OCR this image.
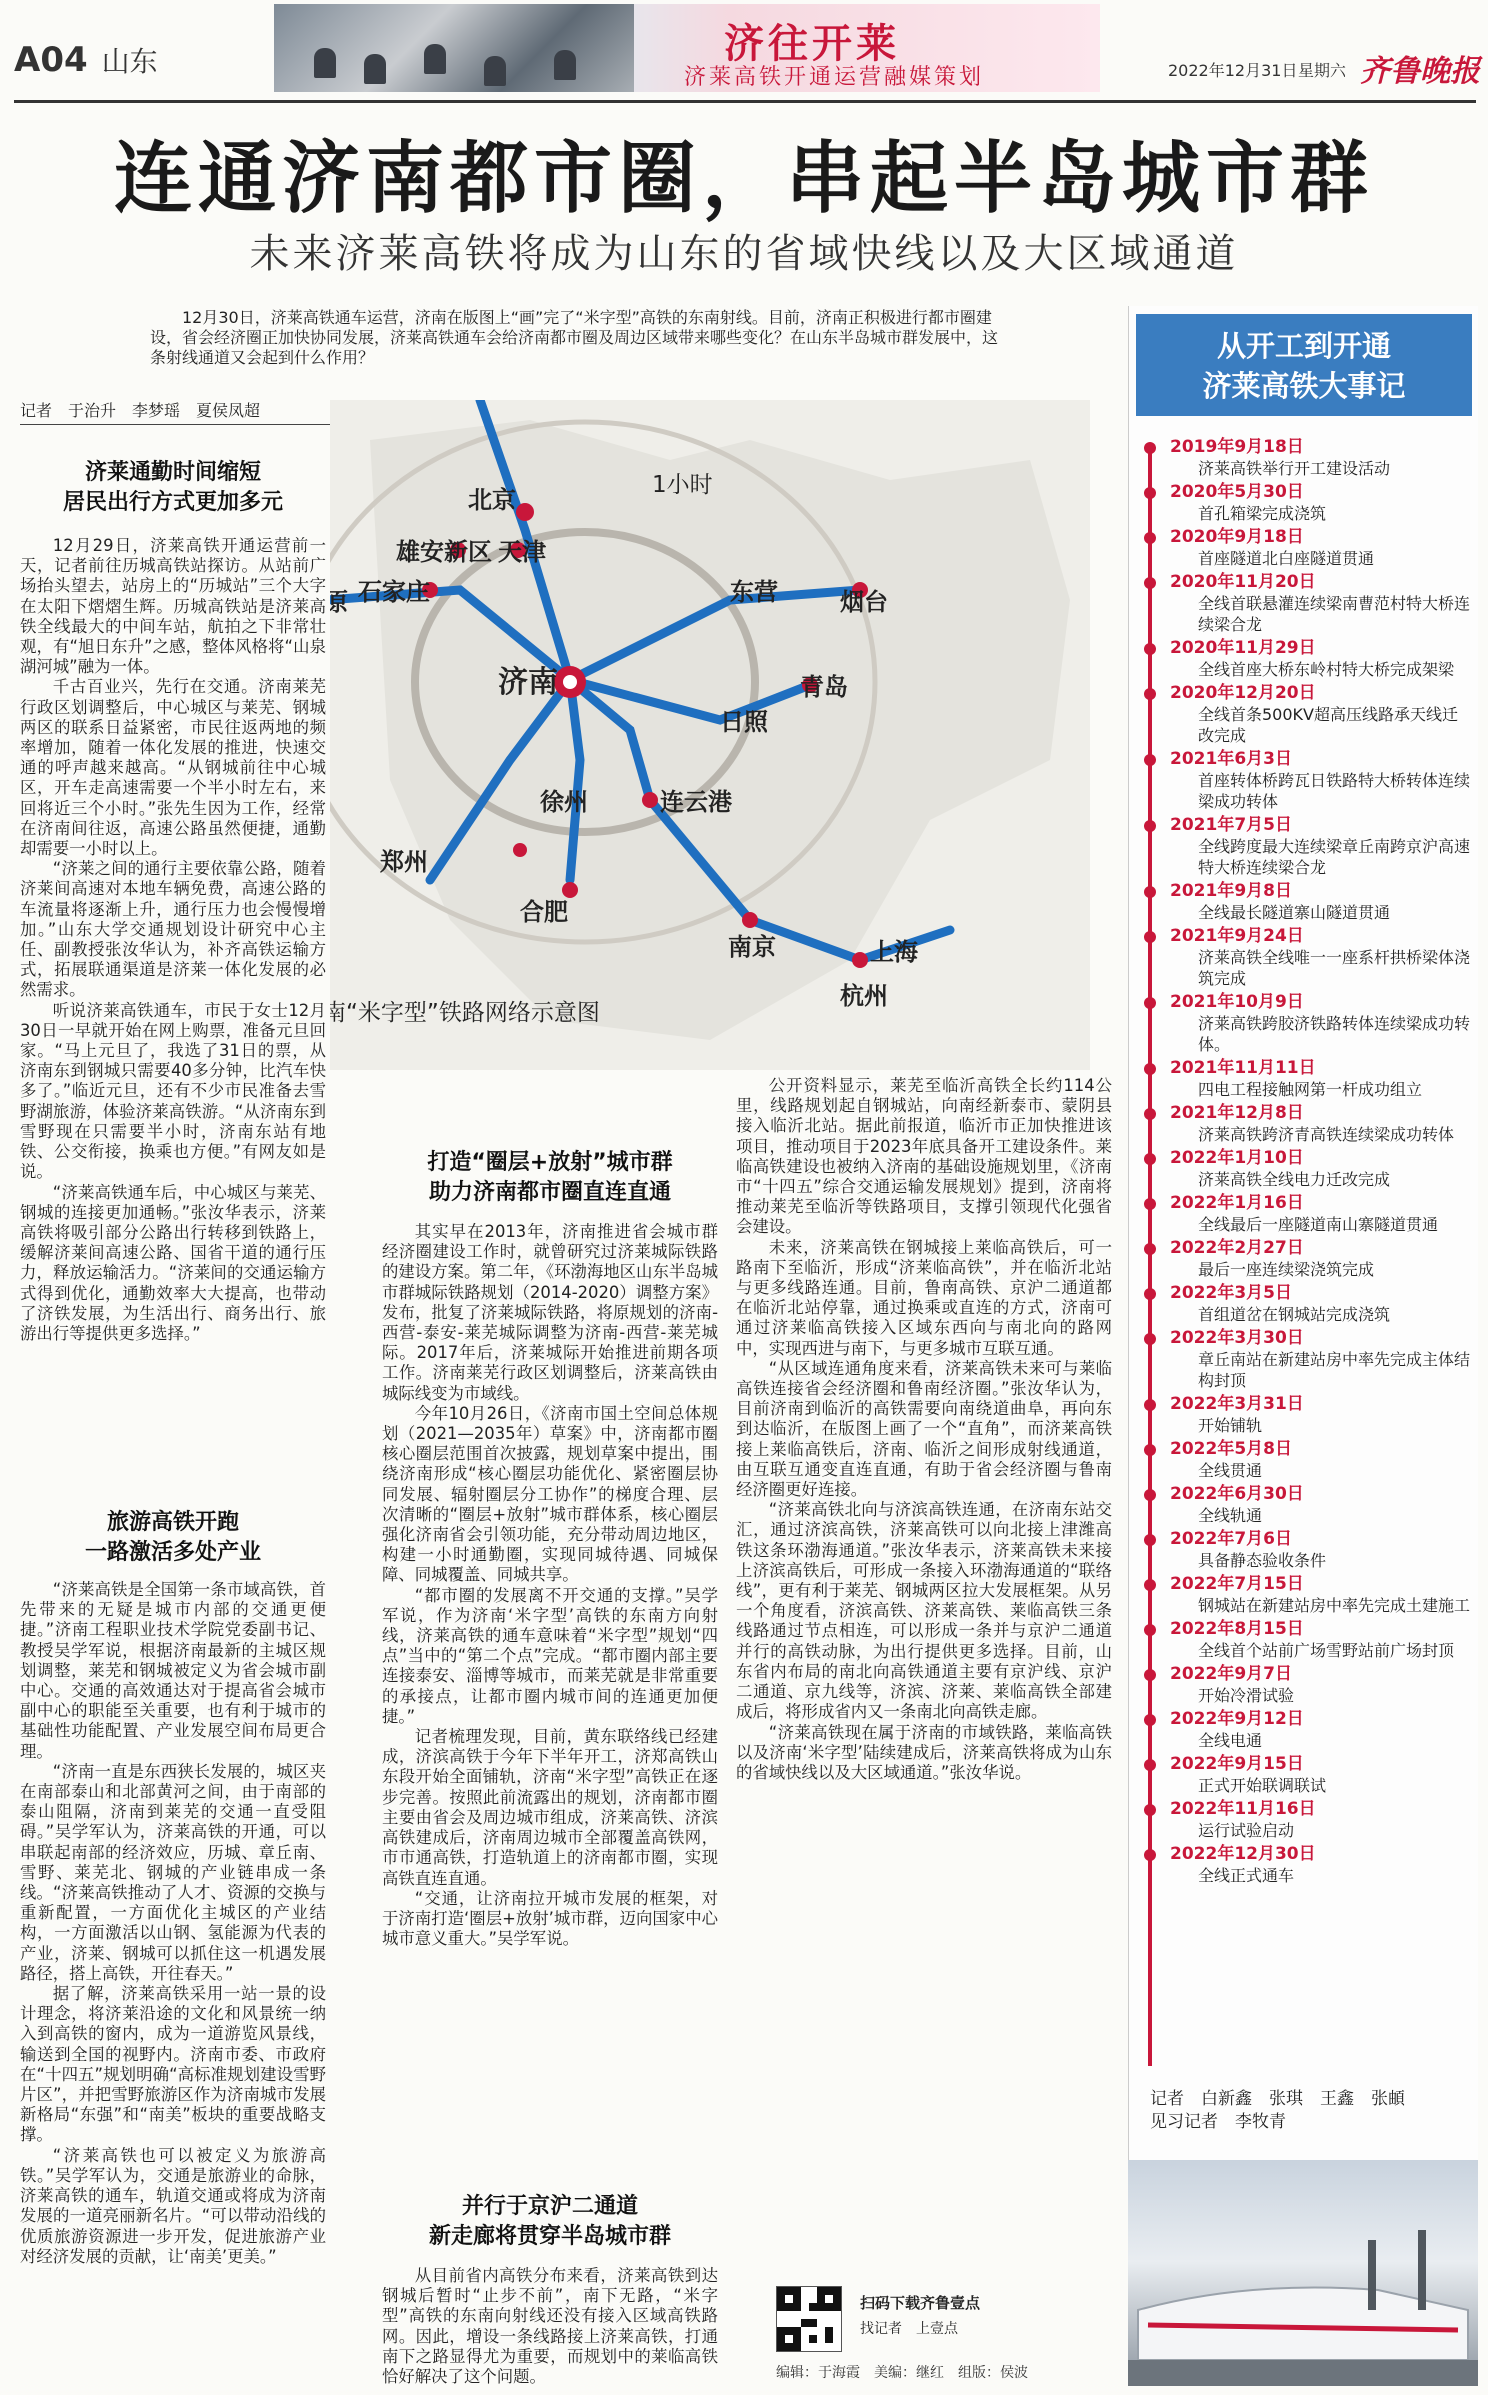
A04 山东	济往开莱
济莱高铁开通运营融媒策划	2022年12月31日 星期六 齐鲁晚报
连通济南都市圈，串起半岛城市群
未来济莱高铁将成为山东的省域快线以及大区域通道
12月30日，济莱高铁通车运营，济南在版图上“画”完了“米字型”高铁的东南射线。目前，济南正积极进行都市圈建设，省会经济圈正加快协同发展，济莱高铁通车会给济南都市圈及周边区域带来哪些变化？在山东半岛城市群发展中，这条射线通道又会起到什么作用？
记者　于治升　李梦瑶　夏侯凤超
北京
天津
雄安新区
石家庄
原	东营	烟台
青岛
日照
连云港
徐州
郑州
合肥
南京	上海
杭州
济南
1小时
南“米字型”铁路网络示意图
济莱通勤时间缩短
居民出行方式更加多元

12月29日，济莱高铁开通运营前一天，记者前往历城高铁站探访。从站前广场抬头望去，站房上的“历城站”三个大字在太阳下熠熠生辉。历城高铁站是济莱高铁全线最大的中间车站，航拍之下非常壮观，有“旭日东升”之感，整体风格将“山泉湖河城”融为一体。

千古百业兴，先行在交通。济南莱芜行政区划调整后，中心城区与莱芜、钢城两区的联系日益紧密，市民往返两地的频率增加，随着一体化发展的推进，快速交通的呼声越来越高。“从钢城前往中心城区，开车走高速需要一个半小时左右，来回将近三个小时。”张先生因为工作，经常在济南间往返，高速公路虽然便捷，通勤却需要一小时以上。

“济莱之间的通行主要依靠公路，随着济莱间高速对本地车辆免费，高速公路的车流量将逐渐上升，通行压力也会慢慢增加。”山东大学交通规划设计研究中心主任、副教授张汝华认为，补齐高铁运输方式，拓展联通渠道是济莱一体化发展的必然需求。

听说济莱高铁通车，市民于女士12月30日一早就开始在网上购票，准备元旦回家。“马上元旦了，我选了31日的票，从济南东到钢城只需要40多分钟，比汽车快多了。”临近元旦，还有不少市民准备去雪野湖旅游，体验济莱高铁游。“从济南东到雪野现在只需要半小时，济南东站有地铁、公交衔接，换乘也方便。”有网友如是说。

“济莱高铁通车后，中心城区与莱芜、钢城的连接更加通畅。”张汝华表示，济莱高铁将吸引部分公路出行转移到铁路上，缓解济莱间高速公路、国省干道的通行压力，释放运输活力。“济莱间的交通运输方式得到优化，通勤效率大大提高，也带动了济铁发展，为生活出行、商务出行、旅游出行等提供更多选择。”

旅游高铁开跑
一路激活多处产业

“济莱高铁是全国第一条市域高铁，首先带来的无疑是城市内部的交通更便捷。”济南工程职业技术学院党委副书记、教授吴学军说，根据济南最新的主城区规划调整，莱芜和钢城被定义为省会城市副中心。交通的高效通达对于提高省会城市副中心的职能至关重要，也有利于城市的基础性功能配置、产业发展空间布局更合理。

“济南一直是东西狭长发展的，城区夹在南部泰山和北部黄河之间，由于南部的泰山阻隔，济南到莱芜的交通一直受阻碍。”吴学军认为，济莱高铁的开通，可以串联起南部的经济效应，历城、章丘南、雪野、莱芜北、钢城的产业链串成一条线。“济莱高铁推动了人才、资源的交换与重新配置，一方面优化主城区的产业结构，一方面激活以山钢、氢能源为代表的产业，济莱、钢城可以抓住这一机遇发展路径，搭上高铁，开往春天。”

据了解，济莱高铁采用一站一景的设计理念，将济莱沿途的文化和风景统一纳入到高铁的窗内，成为一道游览风景线，输送到全国的视野内。济南市委、市政府在“十四五”规划明确“高标准规划建设雪野片区”，并把雪野旅游区作为济南城市发展新格局“东强”和“南美”板块的重要战略支撑。

“济莱高铁也可以被定义为旅游高铁。”吴学军认为，交通是旅游业的命脉，济莱高铁的通车，轨道交通或将成为济南发展的一道亮丽新名片。“可以带动沿线的优质旅游资源进一步开发，促进旅游产业对经济发展的贡献，让‘南美’更美。”

打造“圈层+放射”城市群
助力济南都市圈直连直通

其实早在2013年，济南推进省会城市群经济圈建设工作时，就曾研究过济莱城际铁路的建设方案。第二年，《环渤海地区山东半岛城市群城际铁路规划（2014-2020）调整方案》发布，批复了济莱城际铁路，将原规划的济南-西营-泰安-莱芜城际调整为济南-西营-莱芜城际。2017年后，济莱城际开始推进前期各项工作。济南莱芜行政区划调整后，济莱高铁由城际线变为市域线。

今年10月26日，《济南市国土空间总体规划（2021—2035年）草案》中，济南都市圈核心圈层范围首次披露，规划草案中提出，围绕济南形成“核心圈层功能优化、紧密圈层协同发展、辐射圈层分工协作”的梯度合理、层次清晰的“圈层+放射”城市群体系，核心圈层强化济南省会引领功能，充分带动周边地区，构建一小时通勤圈，实现同城待遇、同城保障、同城覆盖、同城共享。

“都市圈的发展离不开交通的支撑。”吴学军说，作为济南‘米字型’高铁的东南方向射线，济莱高铁的通车意味着“米字型”规划“四点”当中的“第二个点”完成。“都市圈内部主要连接泰安、淄博等城市，而莱芜就是非常重要的承接点，让都市圈内城市间的连通更加便捷。”

记者梳理发现，目前，黄东联络线已经建成，济滨高铁于今年下半年开工，济郑高铁山东段开始全面铺轨，济南“米字型”高铁正在逐步完善。按照此前流露出的规划，济南都市圈主要由省会及周边城市组成，济莱高铁、济滨高铁建成后，济南周边城市全部覆盖高铁网，市市通高铁，打造轨道上的济南都市圈，实现高铁直连直通。

“交通，让济南拉开城市发展的框架，对于济南打造‘圈层+放射’城市群，迈向国家中心城市意义重大。”吴学军说。

并行于京沪二通道
新走廊将贯穿半岛城市群

从目前省内高铁分布来看，济莱高铁到达钢城后暂时“止步不前”，南下无路，“米字型”高铁的东南向射线还没有接入区域高铁路网。因此，增设一条线路接上济莱高铁，打通南下之路显得尤为重要，而规划中的莱临高铁恰好解决了这个问题。

公开资料显示，莱芜至临沂高铁全长约114公里，线路规划起自钢城站，向南经新泰市、蒙阴县接入临沂北站。据此前报道，临沂市正加快推进该项目，推动项目于2023年底具备开工建设条件。莱临高铁建设也被纳入济南的基础设施规划里，《济南市“十四五”综合交通运输发展规划》提到，济南将推动莱芜至临沂等铁路项目，支撑引领现代化强省会建设。

未来，济莱高铁在钢城接上莱临高铁后，可一路南下至临沂，形成“济莱临高铁”，并在临沂北站与更多线路连通。目前，鲁南高铁、京沪二通道都在临沂北站停靠，通过换乘或直连的方式，济南可通过济莱临高铁接入区域东西向与南北向的路网中，实现西进与南下，与更多城市互联互通。

“从区域连通角度来看，济莱高铁未来可与莱临高铁连接省会经济圈和鲁南经济圈。”张汝华认为，目前济南到临沂的高铁需要向南绕道曲阜，再向东到达临沂，在版图上画了一个“直角”，而济莱高铁接上莱临高铁后，济南、临沂之间形成射线通道，由互联互通变直连直通，有助于省会经济圈与鲁南经济圈更好连接。

“济莱高铁北向与济滨高铁连通，在济南东站交汇，通过济滨高铁，济莱高铁可以向北接上津潍高铁这条环渤海通道。”张汝华表示，济莱高铁未来接上济滨高铁后，可形成一条接入环渤海通道的“联络线”，更有利于莱芜、钢城两区拉大发展框架。从另一个角度看，济滨高铁、济莱高铁、莱临高铁三条线路通过节点相连，可以形成一条并与京沪二通道并行的高铁动脉，为出行提供更多选择。目前，山东省内布局的南北向高铁通道主要有京沪线、京沪二通道、京九线等，济滨、济莱、莱临高铁全部建成后，将形成省内又一条南北向高铁走廊。

“济莱高铁现在属于济南的市域铁路，莱临高铁以及济南‘米字型’陆续建成后，济莱高铁将成为山东的省域快线以及大区域通道。”张汝华说。

扫码下载齐鲁壹点
找记者　上壹点
编辑：于海霞　美编：继红　组版：侯波
从开工到开通
济莱高铁大事记
2019年9月18日
济莱高铁举行开工建设活动
2020年5月30日
首孔箱梁完成浇筑
2020年9月18日
首座隧道北白座隧道贯通
2020年11月20日
全线首联悬灌连续梁南曹范村特大桥连续梁合龙
2020年11月29日
全线首座大桥东岭村特大桥完成架梁
2020年12月20日
全线首条500KV超高压线路承天线迁改完成
2021年6月3日
首座转体桥跨瓦日铁路特大桥转体连续梁成功转体
2021年7月5日
全线跨度最大连续梁章丘南跨京沪高速特大桥连续梁合龙
2021年9月8日
全线最长隧道寨山隧道贯通
2021年9月24日
济莱高铁全线唯一一座系杆拱桥梁体浇筑完成
2021年10月9日
济莱高铁跨胶济铁路转体连续梁成功转体。
2021年11月11日
四电工程接触网第一杆成功组立
2021年12月8日
济莱高铁跨济青高铁连续梁成功转体
2022年1月10日
济莱高铁全线电力迁改完成
2022年1月16日
全线最后一座隧道南山寨隧道贯通
2022年2月27日
最后一座连续梁浇筑完成
2022年3月5日
首组道岔在钢城站完成浇筑
2022年3月30日
章丘南站在新建站房中率先完成主体结构封顶
2022年3月31日
开始铺轨
2022年5月8日
全线贯通
2022年6月30日
全线轨通
2022年7月6日
具备静态验收条件
2022年7月15日
钢城站在新建站房中率先完成土建施工
2022年8月15日
全线首个站前广场雪野站前广场封顶
2022年9月7日
开始冷滑试验
2022年9月12日
全线电通
2022年9月15日
正式开始联调联试
2022年11月16日
运行试验启动
2022年12月30日
全线正式通车
记者　白新鑫　张琪　王鑫　张頔
见习记者　李牧青
